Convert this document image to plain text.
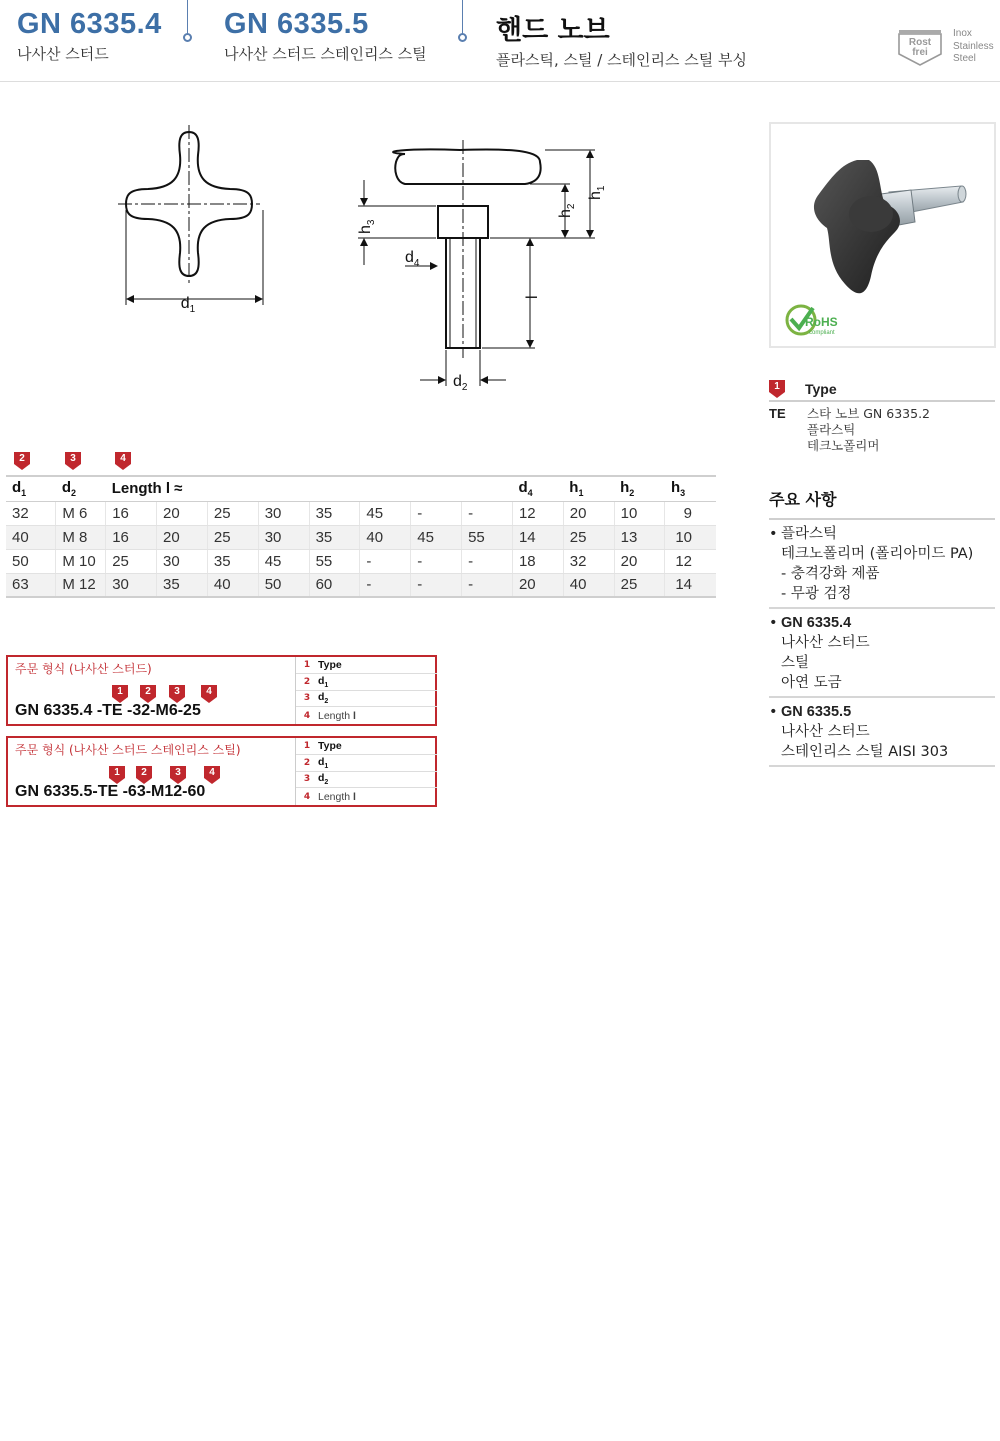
GN 6335.4
나사산 스터드
GN 6335.5
나사산 스터드 스테인리스 스틸
핸드 노브
플라스틱, 스틸 / 스테인리스 스틸 부싱
Rost
frei
Inox
Stainless
Steel
$d_1$
$h_1$
$h_2$
$h_3$
$d_4$
l
$d_2$
RoHS
compliant
2	3	4
$d_1$	$d_2$	Length l ≈								$d_4$	$h_1$	$h_2$	$h_3$
32	M 6	16	20	25	30	35	45	-	-	12	20	10	9
40	M 8	16	20	25	30	35	40	45	55	14	25	13	10
50	M 10	25	30	35	45	55	-	-	-	18	32	20	12
63	M 12	30	35	40	50	60	-	-	-	20	40	25	14
주문 형식 (나사산 스터드)
1	2	3	4
GN 6335.4 -TE -32-M6-25
1 Type
2 $d_1$
3 $d_2$
4 Length l
주문 형식 (나사산 스터드 스테인리스 스틸)
1	2	3	4
GN 6335.5-TE -63-M12-60
1 Type
2 $d_1$
3 $d_2$
4 Length l
1	Type
TE	스타 노브 GN 6335.2
플라스틱
테크노폴리머
주요 사항
• 플라스틱
테크노폴리머 (폴리아미드 PA)
- 충격강화 제품
- 무광 검정
• GN 6335.4
나사산 스터드
스틸
아연 도금
• GN 6335.5
나사산 스터드
스테인리스 스틸 AISI 303
